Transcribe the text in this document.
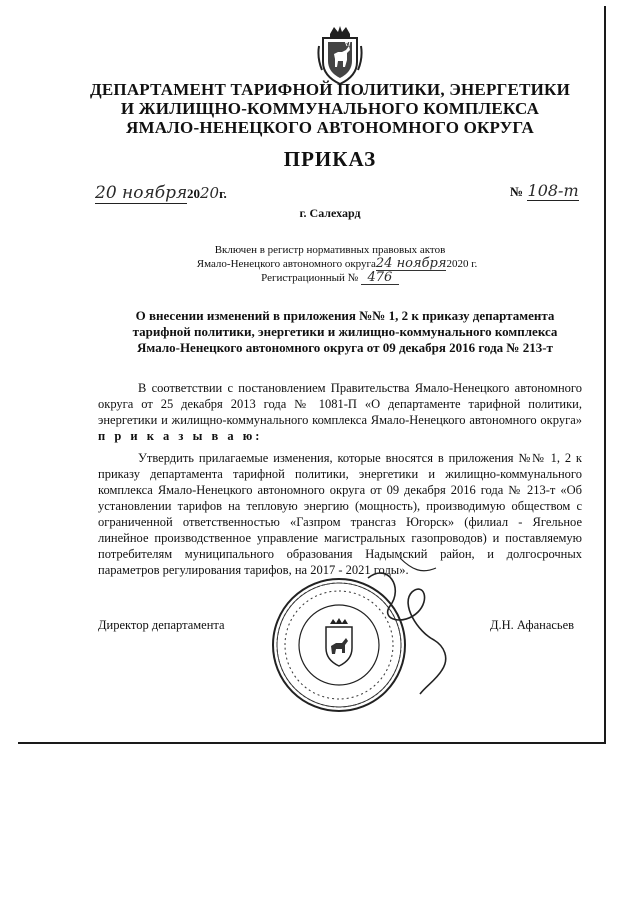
ДЕПАРТАМЕНТ ТАРИФНОЙ ПОЛИТИКИ, ЭНЕРГЕТИКИ
И ЖИЛИЩНО-КОММУНАЛЬНОГО КОМПЛЕКСА
ЯМАЛО-НЕНЕЦКОГО АВТОНОМНОГО ОКРУГА
ПРИКАЗ
20 ноября2020г.	№ 108-т
г. Салехард
Включен в регистр нормативных правовых актов
Ямало-Ненецкого автономного округа24 ноября2020 г.
Регистрационный № 476
О внесении изменений в приложения №№ 1, 2 к приказу департамента
тарифной политики, энергетики и жилищно-коммунального комплекса
Ямало-Ненецкого автономного округа от 09 декабря 2016 года № 213-т
В соответствии с постановлением Правительства Ямало-Ненецкого автономного округа от 25 декабря 2013 года № 1081-П «О департаменте тарифной политики, энергетики и жилищно-коммунального комплекса Ямало-Ненецкого автономного округа» п р и к а з ы в а ю:
Утвердить прилагаемые изменения, которые вносятся в приложения №№ 1, 2 к приказу департамента тарифной политики, энергетики и жилищно-коммунального комплекса Ямало-Ненецкого автономного округа от 09 декабря 2016 года № 213-т «Об установлении тарифов на тепловую энергию (мощность), производимую обществом с ограниченной ответственностью «Газпром трансгаз Югорск» (филиал - Ягельное линейное производственное управление магистральных газопроводов) и поставляемую потребителям муниципального образования Надымский район, и долгосрочных параметров регулирования тарифов, на 2017 - 2021 годы».
Директор департамента	Д.Н. Афанасьев
